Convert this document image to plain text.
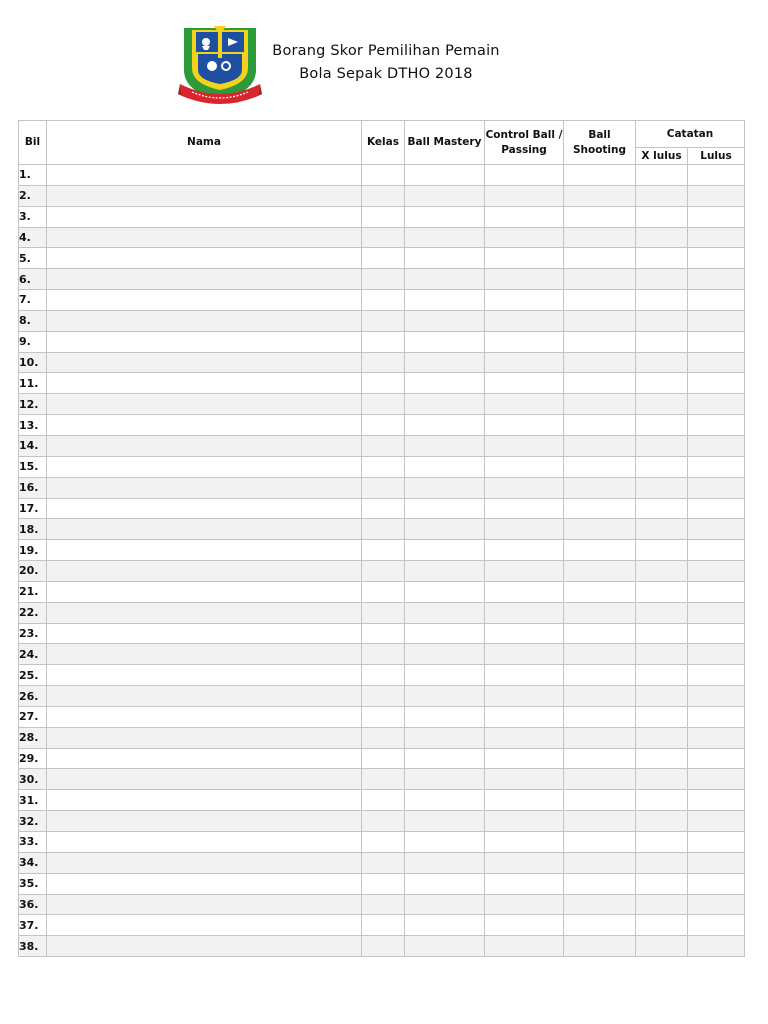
Borang Skor Pemilihan Pemain
Bola Sepak DTHO 2018
Bil	Nama	Kelas	Ball Mastery	Control Ball / Passing	Ball Shooting	Catatan	
						X lulus	Lulus
1.							
2.							
3.							
4.							
5.							
6.							
7.							
8.							
9.							
10.							
11.							
12.							
13.							
14.							
15.							
16.							
17.							
18.							
19.							
20.							
21.							
22.							
23.							
24.							
25.							
26.							
27.							
28.							
29.							
30.							
31.							
32.							
33.							
34.							
35.							
36.							
37.							
38.							
